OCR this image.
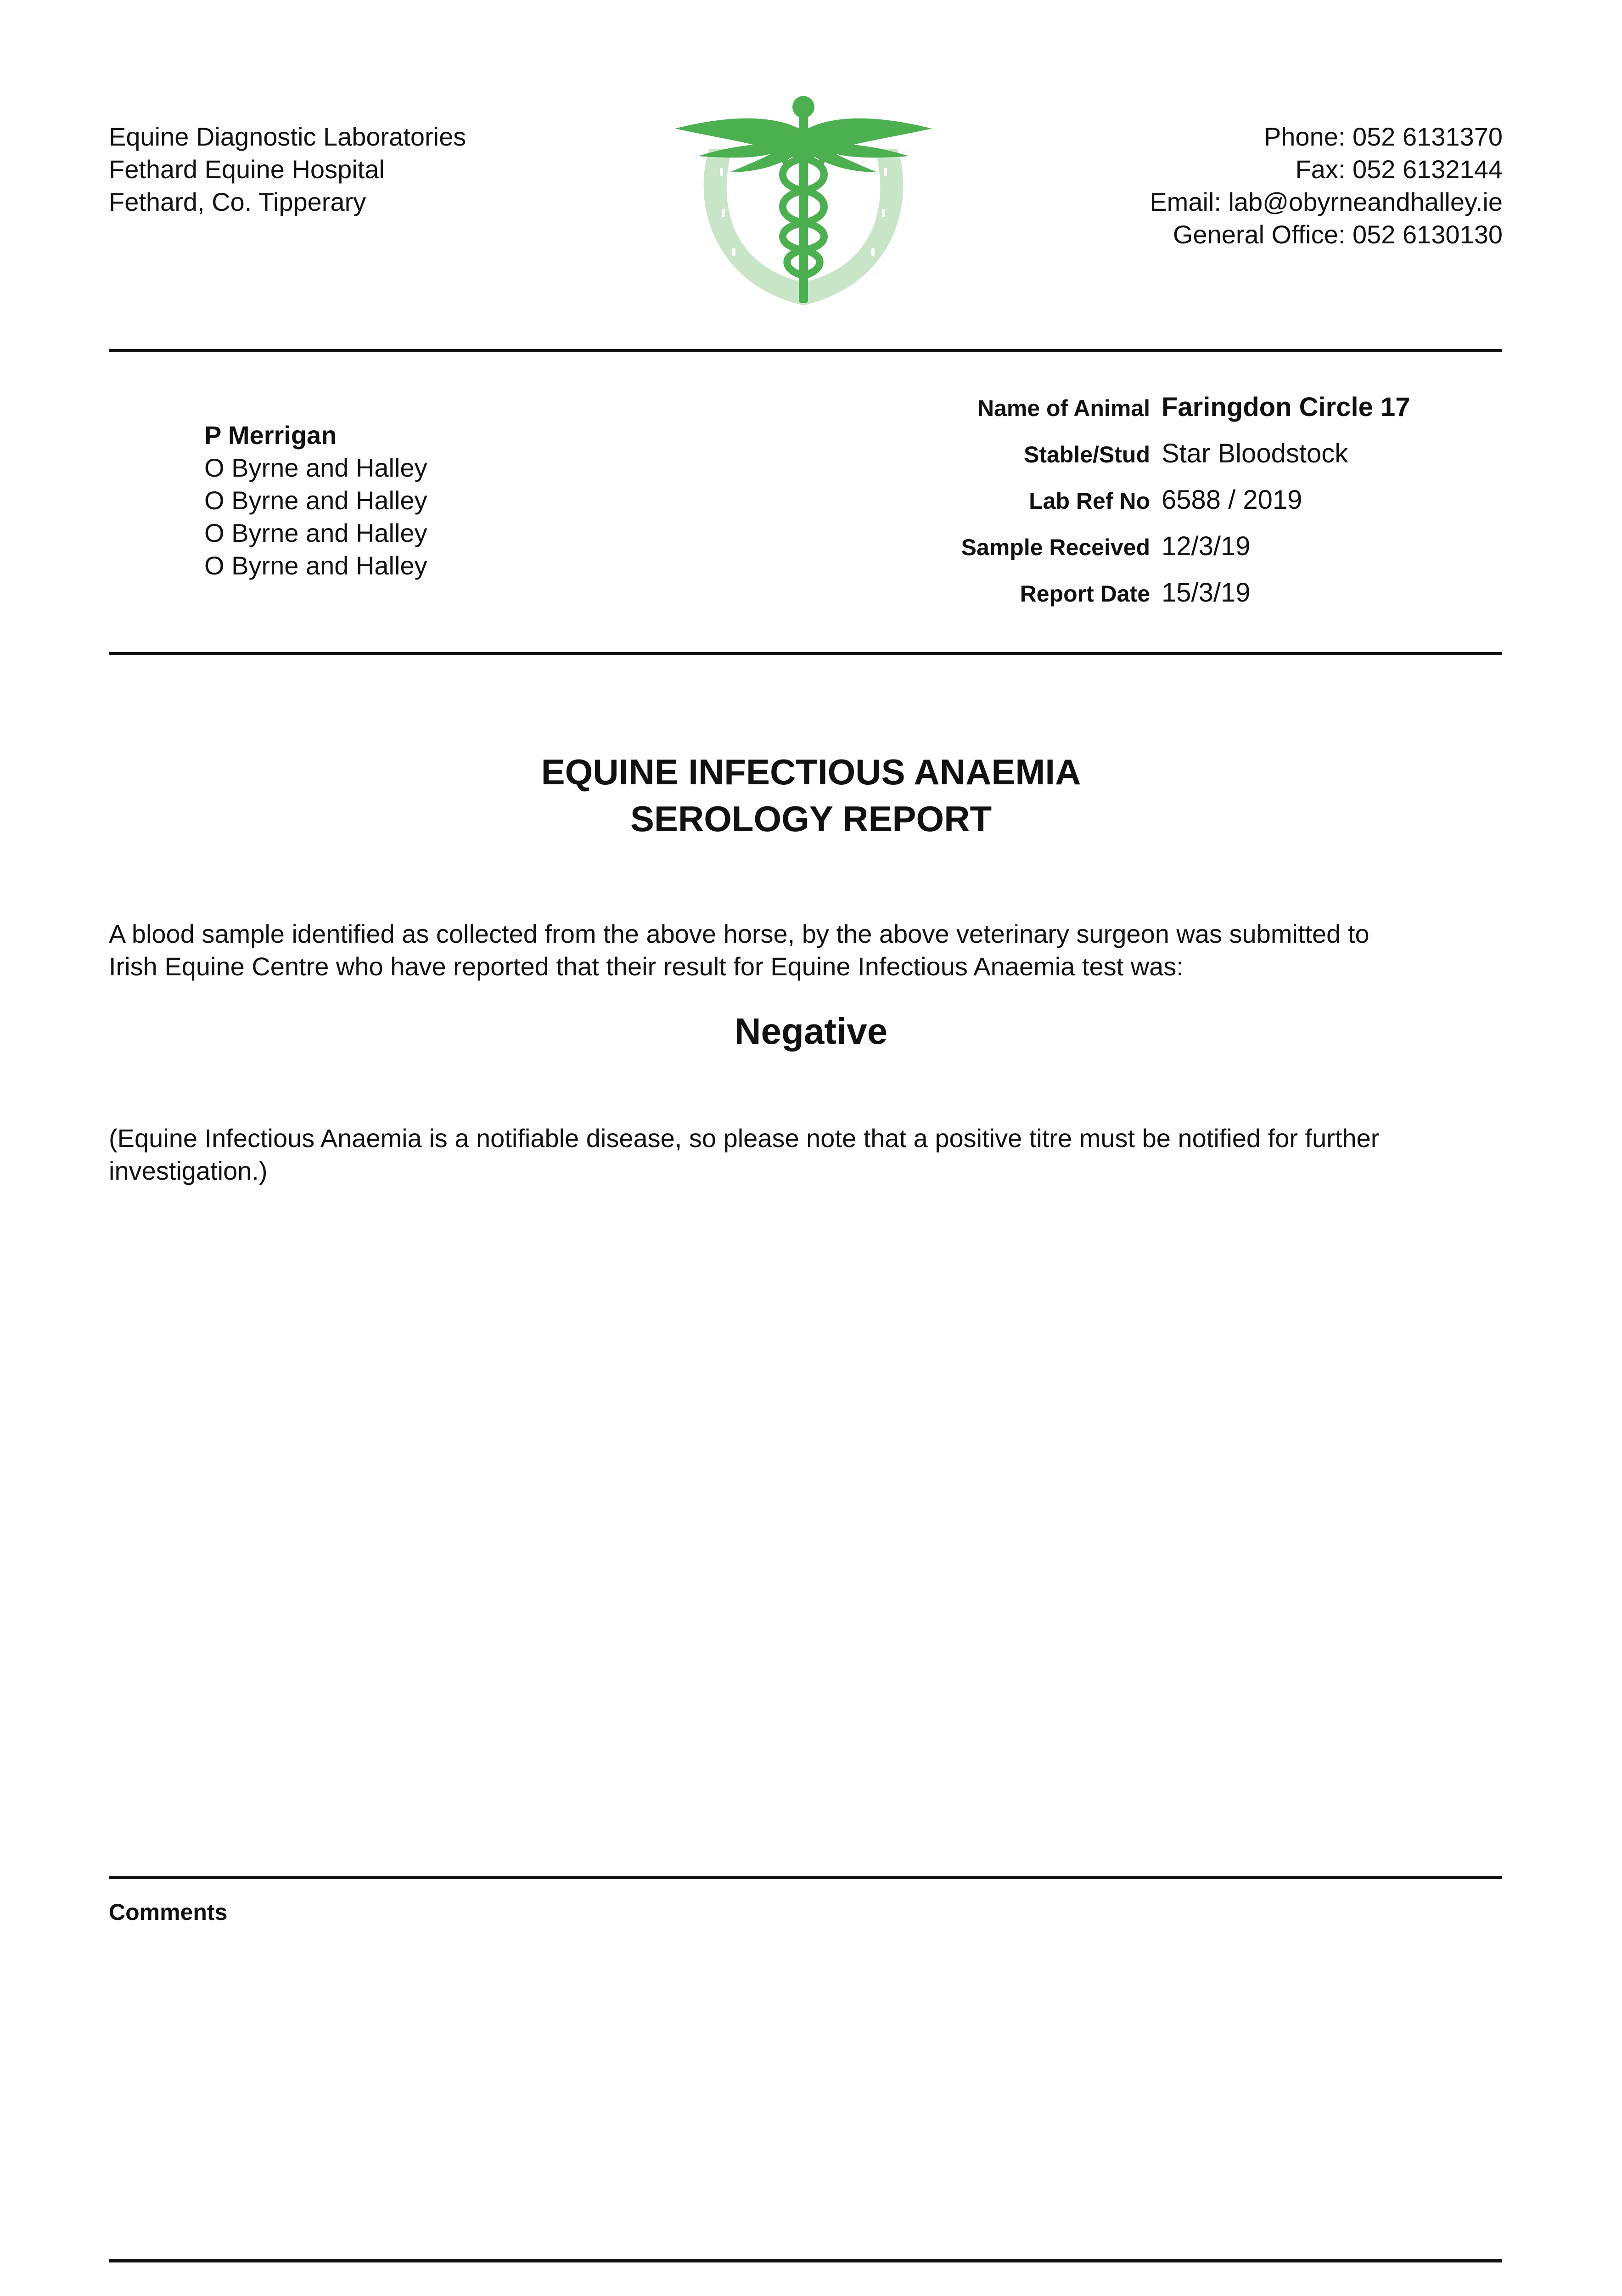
Equine Diagnostic Laboratories
Fethard Equine Hospital
Fethard, Co. Tipperary
Phone: 052 6131370
Fax: 052 6132144
Email: lab@obyrneandhalley.ie
General Office: 052 6130130
P Merrigan
O Byrne and Halley
O Byrne and Halley
O Byrne and Halley
O Byrne and Halley
Name of Animal Faringdon Circle 17
Stable/Stud Star Bloodstock
Lab Ref No 6588 / 2019
Sample Received 12/3/19
Report Date 15/3/19
EQUINE INFECTIOUS ANAEMIA
SEROLOGY REPORT
A blood sample identified as collected from the above horse, by the above veterinary surgeon was submitted to
Irish Equine Centre who have reported that their result for Equine Infectious Anaemia test was:
Negative
(Equine Infectious Anaemia is a notifiable disease, so please note that a positive titre must be notified for further
investigation.)
Comments
